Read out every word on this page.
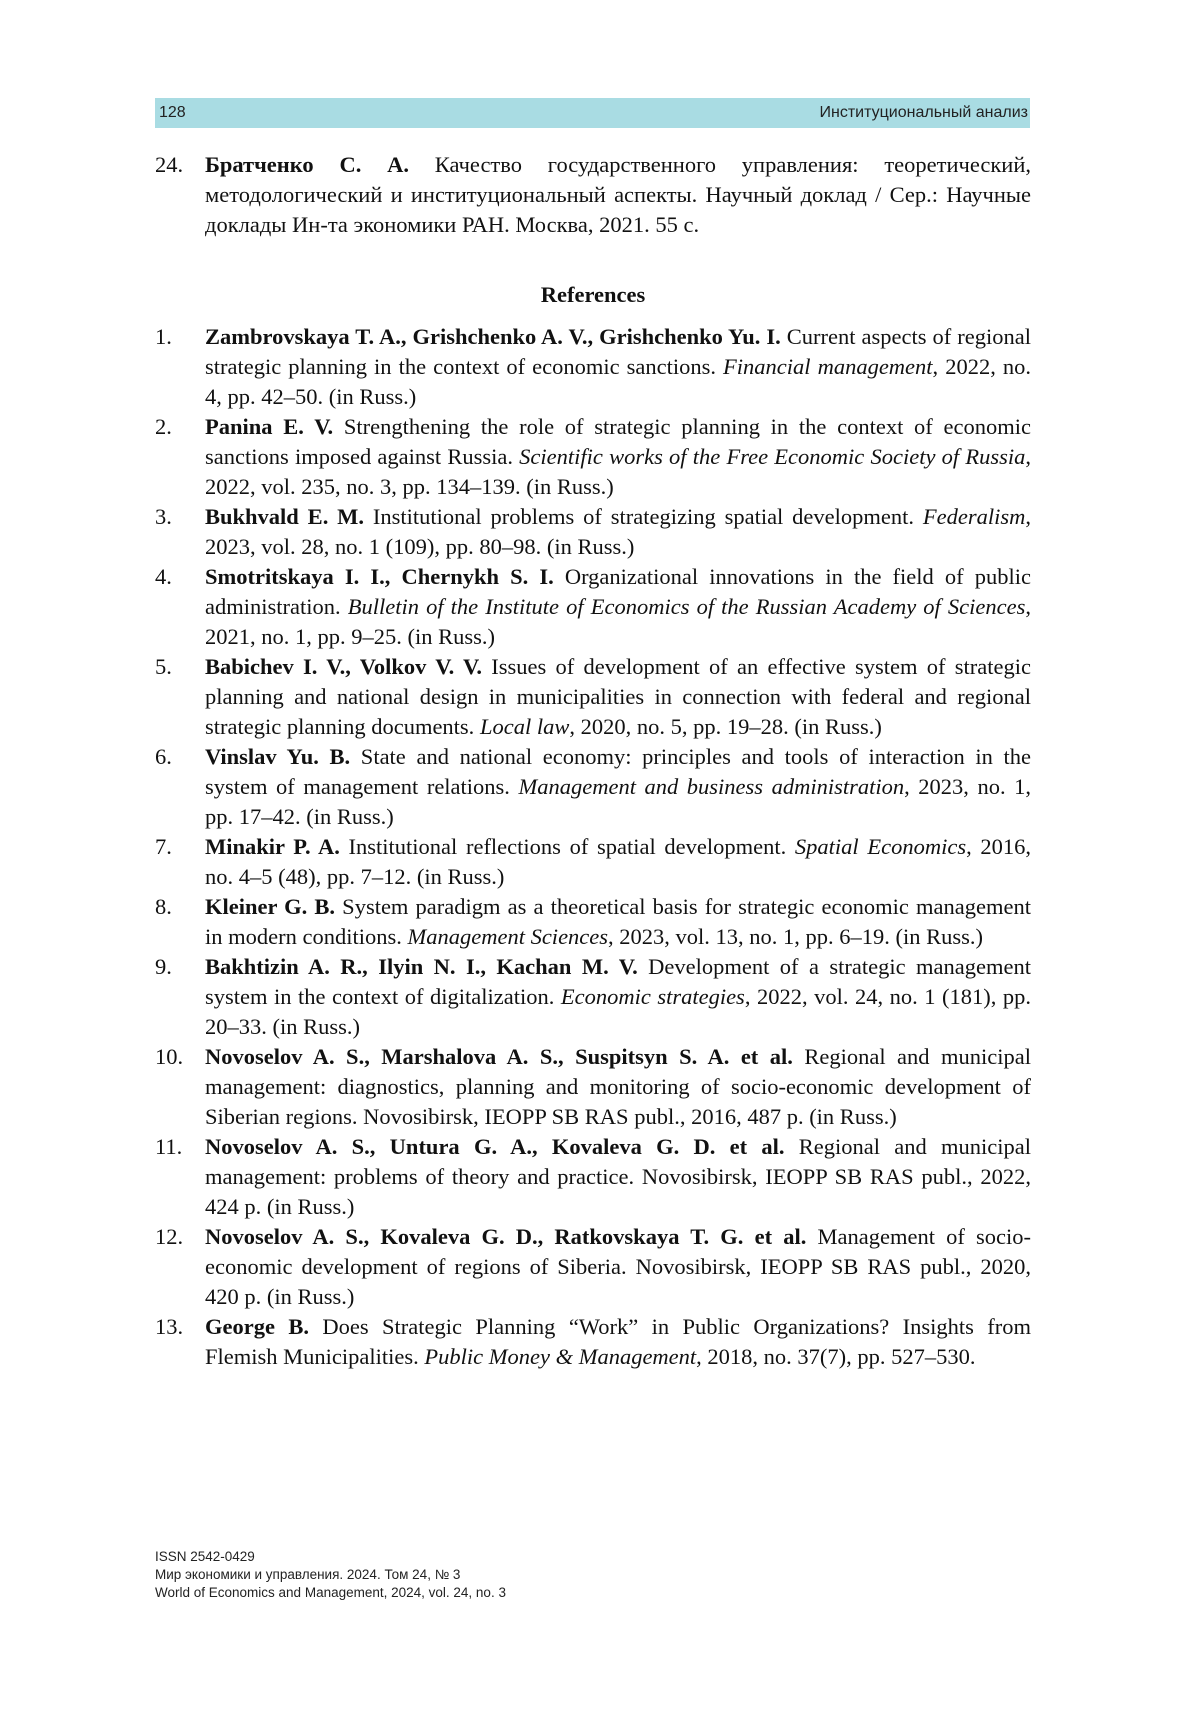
128	Институциональный анализ
24. Братченко С. А. Качество государственного управления: теоретический, методологический и институциональный аспекты. Научный доклад / Сер.: Научные доклады Ин-та экономики РАН. Москва, 2021. 55 с.
References
1. Zambrovskaya T. A., Grishchenko A. V., Grishchenko Yu. I. Current aspects of regional strategic planning in the context of economic sanctions. Financial management, 2022, no. 4, pp. 42–50. (in Russ.)
2. Panina E. V. Strengthening the role of strategic planning in the context of economic sanctions imposed against Russia. Scientific works of the Free Economic Society of Russia, 2022, vol. 235, no. 3, pp. 134–139. (in Russ.)
3. Bukhvald E. M. Institutional problems of strategizing spatial development. Federalism, 2023, vol. 28, no. 1 (109), pp. 80–98. (in Russ.)
4. Smotritskaya I. I., Chernykh S. I. Organizational innovations in the field of public administration. Bulletin of the Institute of Economics of the Russian Academy of Sciences, 2021, no. 1, pp. 9–25. (in Russ.)
5. Babichev I. V., Volkov V. V. Issues of development of an effective system of strategic planning and national design in municipalities in connection with federal and regional strategic planning documents. Local law, 2020, no. 5, pp. 19–28. (in Russ.)
6. Vinslav Yu. B. State and national economy: principles and tools of interaction in the system of management relations. Management and business administration, 2023, no. 1, pp. 17–42. (in Russ.)
7. Minakir P. A. Institutional reflections of spatial development. Spatial Economics, 2016, no. 4–5 (48), pp. 7–12. (in Russ.)
8. Kleiner G. B. System paradigm as a theoretical basis for strategic economic management in modern conditions. Management Sciences, 2023, vol. 13, no. 1, pp. 6–19. (in Russ.)
9. Bakhtizin A. R., Ilyin N. I., Kachan M. V. Development of a strategic management system in the context of digitalization. Economic strategies, 2022, vol. 24, no. 1 (181), pp. 20–33. (in Russ.)
10. Novoselov A. S., Marshalova A. S., Suspitsyn S. A. et al. Regional and municipal management: diagnostics, planning and monitoring of socio-economic development of Siberian regions. Novosibirsk, IEOPP SB RAS publ., 2016, 487 p. (in Russ.)
11. Novoselov A. S., Untura G. A., Kovaleva G. D. et al. Regional and municipal management: problems of theory and practice. Novosibirsk, IEOPP SB RAS publ., 2022, 424 p. (in Russ.)
12. Novoselov A. S., Kovaleva G. D., Ratkovskaya T. G. et al. Management of socio-economic development of regions of Siberia. Novosibirsk, IEOPP SB RAS publ., 2020, 420 p. (in Russ.)
13. George B. Does Strategic Planning “Work” in Public Organizations? Insights from Flemish Municipalities. Public Money & Management, 2018, no. 37(7), pp. 527–530.
ISSN 2542-0429
Мир экономики и управления. 2024. Том 24, № 3
World of Economics and Management, 2024, vol. 24, no. 3
